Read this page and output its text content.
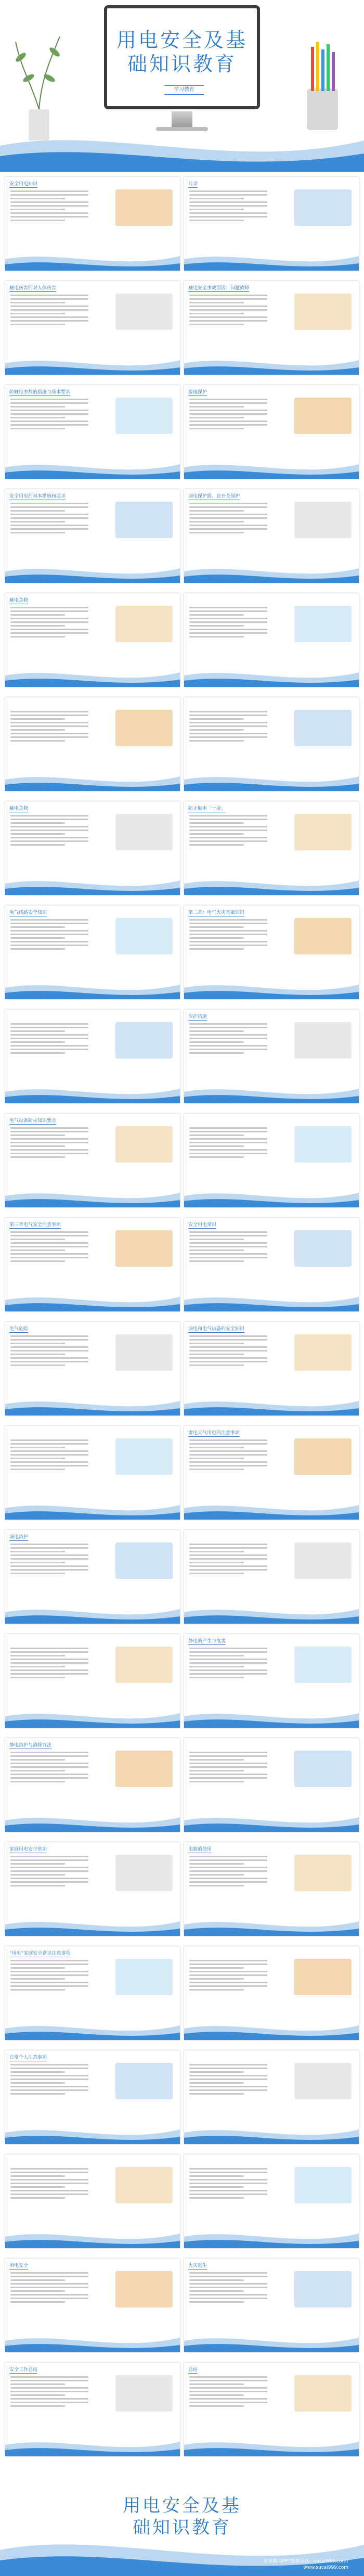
用电安全及基
础知识教育
学习教育
安全用电知识	目录
触电伤害的对人体伤害	触电安全事故原因：问题故障
防触电事故的措施与基本要求	接地保护
安全用电的基本措施和要求	漏电保护器、总开关保护
触电急救
触电急救	防止触电「十要」
电气线路安全知识	第二章：电气火灾基础知识
保护措施
电气设备防火知识要点
第三章电气安全注意事项	安全用电常识
电气危险	漏电和电气设备的安全知识
雷电天气用电的注意事项
漏电防护
静电的产生与危害
静电防护与消除方法
家庭用电安全常识	电器的使用
“用电”家庭安全常识注意事项
日常个人注意事项
用电安全	火灾逃生
安全工作总结	总结
用电安全及基
础知识教育
更多精品PPT资源尽在—sucai999.com!
www.sucai999.com
